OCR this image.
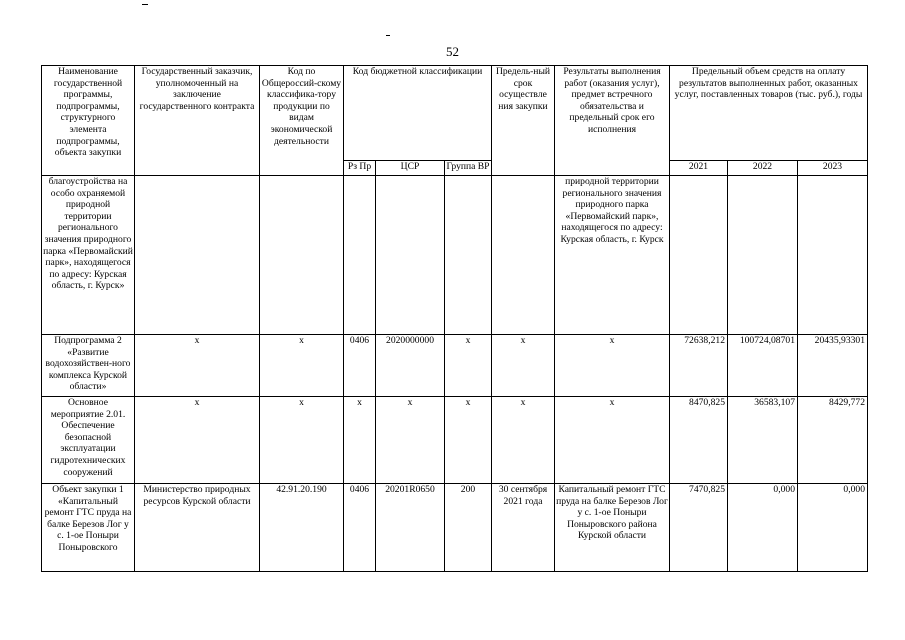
52
Наименование государственной программы, подпрограммы, структурного элемента подпрограммы, объекта закупки	Государственный заказчик, уполномоченный на заключение государственного контракта	Код по Общероссий-скому классифика-тору продукции по видам экономической деятельности	Код бюджетной классификации			Предель-ный срок осуществле ния закупки	Результаты выполнения работ (оказания услуг), предмет встречного обязательства и предельный срок его исполнения	Предельный объем средств на оплату результатов выполненных работ, оказанных услуг, поставленных товаров (тыс. руб.), годы		
			Рз Пр	ЦСР	Группа ВР			2021	2022	2023
благоустройства на особо охраняемой природной территории регионального значения природного парка «Первомайский парк», находящегося по адресу: Курская область, г. Курск»							природной территории регионального значения природного парка «Первомайский парк», находящегося по адресу: Курская область, г. Курск			
Подпрограмма 2 «Развитие водохозяйствен-ного комплекса Курской области»	x	x	0406	2020000000	x	x	x	72638,212	100724,08701	20435,93301
Основное мероприятие 2.01. Обеспечение безопасной эксплуатации гидротехнических сооружений	x	x	x	x	x	x	x	8470,825	36583,107	8429,772
Объект закупки 1 «Капитальный ремонт ГТС пруда на балке Березов Лог у с. 1-ое Поныри Поныровского	Министерство природных ресурсов Курской области	42.91.20.190	0406	20201R0650	200	30 сентября 2021 года	Капитальный ремонт ГТС пруда на балке Березов Лог у с. 1-ое Поныри Поныровского района Курской области	7470,825	0,000	0,000
